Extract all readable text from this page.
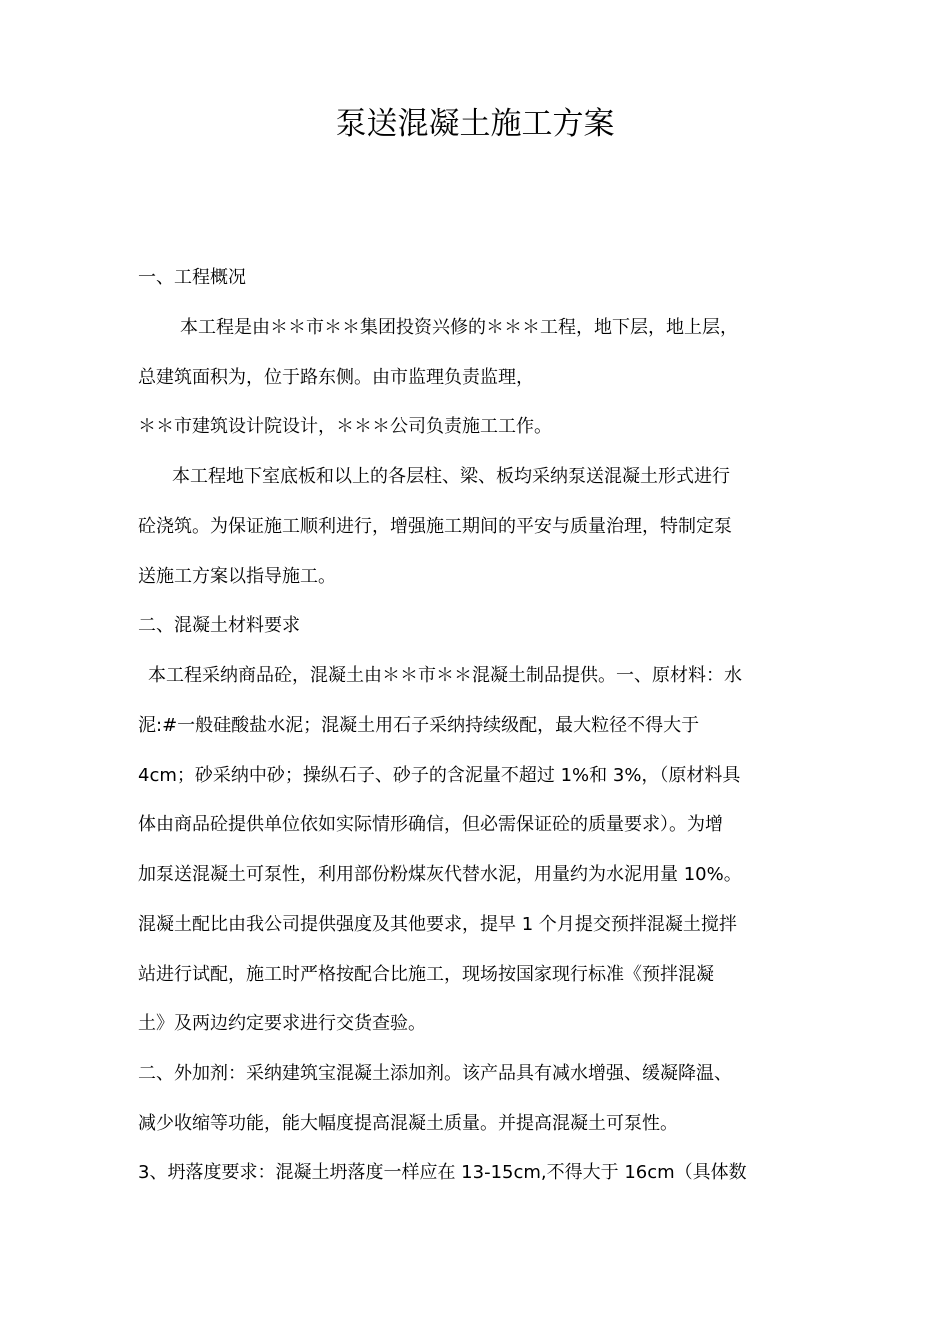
泵送混凝土施工方案

一、工程概况

本工程是由＊＊市＊＊集团投资兴修的＊＊＊工程，地下层，地上层，

总建筑面积为，位于路东侧。由市监理负责监理，

＊＊市建筑设计院设计，＊＊＊公司负责施工工作。

本工程地下室底板和以上的各层柱、梁、板均采纳泵送混凝土形式进行

砼浇筑。为保证施工顺利进行，增强施工期间的平安与质量治理，特制定泵

送施工方案以指导施工。

二、混凝土材料要求

本工程采纳商品砼，混凝土由＊＊市＊＊混凝土制品提供。一、原材料：水

泥:#一般硅酸盐水泥；混凝土用石子采纳持续级配，最大粒径不得大于

4cm；砂采纳中砂；操纵石子、砂子的含泥量不超过 1%和 3%，（原材料具

体由商品砼提供单位依如实际情形确信，但必需保证砼的质量要求）。为增

加泵送混凝土可泵性，利用部份粉煤灰代替水泥，用量约为水泥用量 10%。

混凝土配比由我公司提供强度及其他要求，提早 1 个月提交预拌混凝土搅拌

站进行试配，施工时严格按配合比施工，现场按国家现行标准《预拌混凝

土》及两边约定要求进行交货查验。

二、外加剂：采纳建筑宝混凝土添加剂。该产品具有减水增强、缓凝降温、

减少收缩等功能，能大幅度提高混凝土质量。并提高混凝土可泵性。

3、坍落度要求：混凝土坍落度一样应在 13-15cm,不得大于 16cm（具体数
